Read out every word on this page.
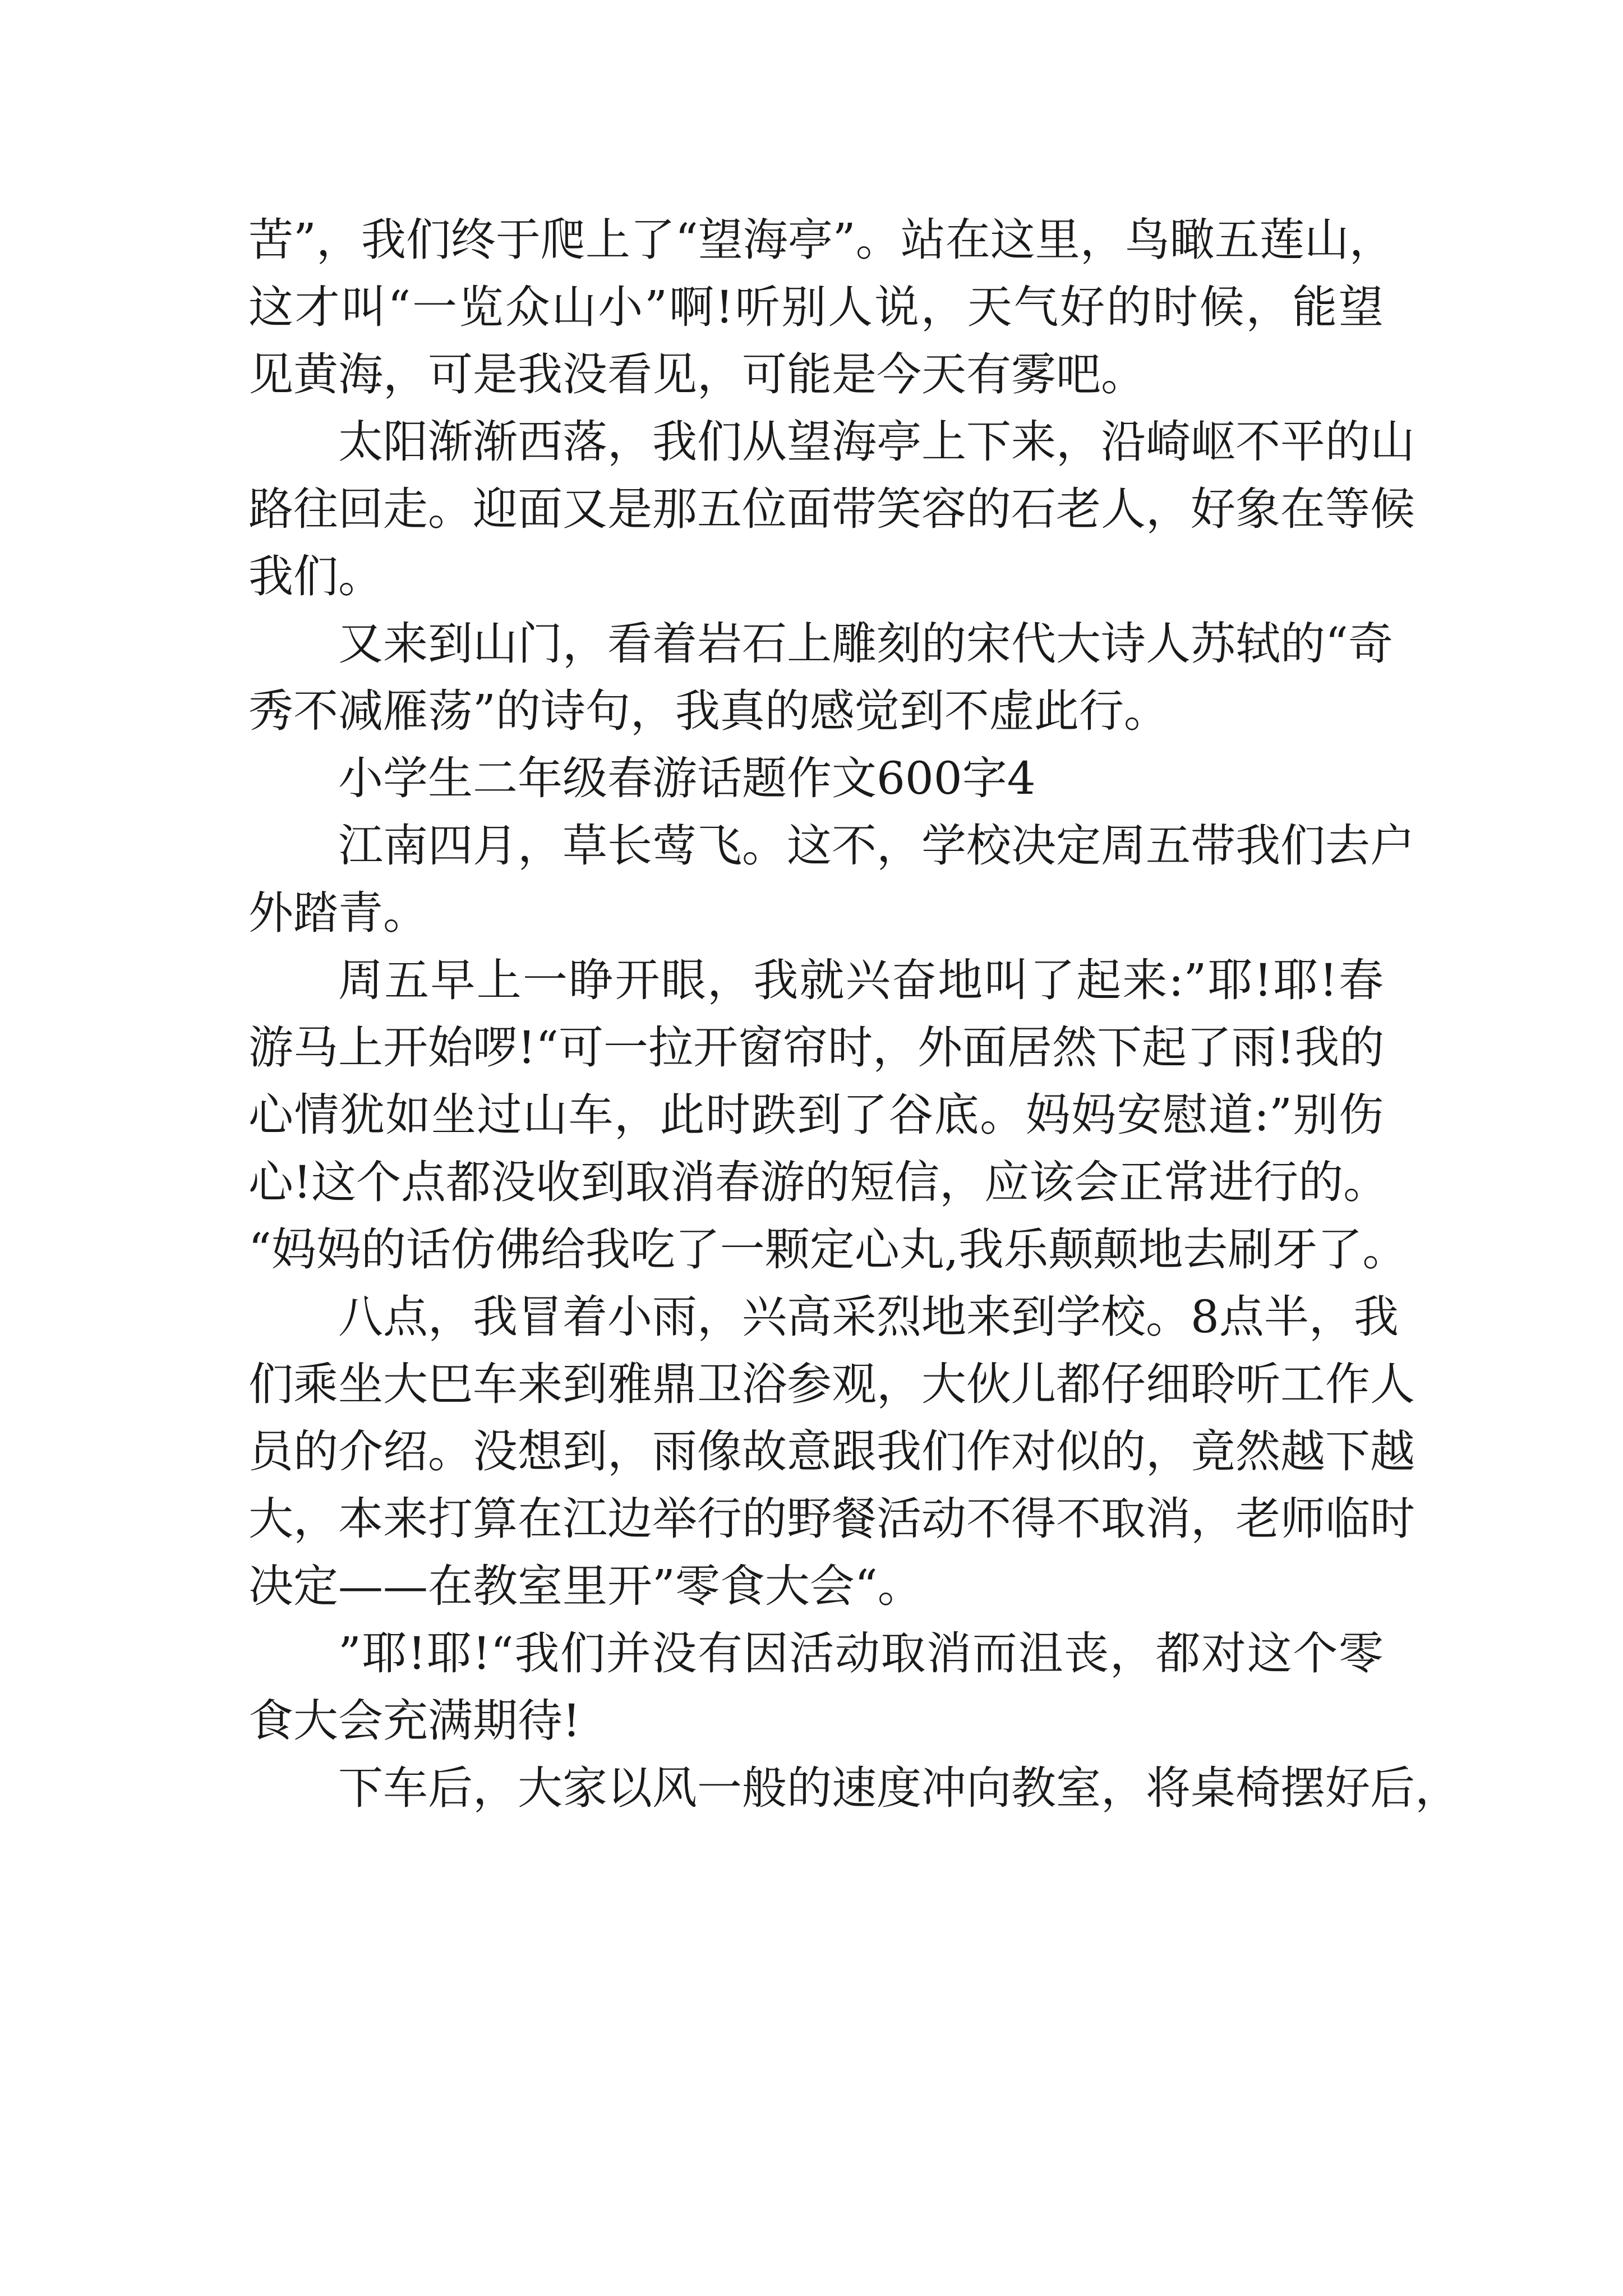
苦”，我们终于爬上了“望海亭”。站在这里，鸟瞰五莲山，
这才叫“一览众山小”啊!听别人说，天气好的时候，能望
见黄海，可是我没看见，可能是今天有雾吧。
太阳渐渐西落，我们从望海亭上下来，沿崎岖不平的山
路往回走。迎面又是那五位面带笑容的石老人，好象在等候
我们。
又来到山门，看着岩石上雕刻的宋代大诗人苏轼的“奇
秀不减雁荡”的诗句，我真的感觉到不虚此行。
小学生二年级春游话题作文600字4
江南四月，草长莺飞。这不，学校决定周五带我们去户
外踏青。
周五早上一睁开眼，我就兴奋地叫了起来:”耶!耶!春
游马上开始啰!“可一拉开窗帘时，外面居然下起了雨!我的
心情犹如坐过山车，此时跌到了谷底。妈妈安慰道:”别伤
心!这个点都没收到取消春游的短信，应该会正常进行的。
“妈妈的话仿佛给我吃了一颗定心丸,我乐颠颠地去刷牙了。
八点，我冒着小雨，兴高采烈地来到学校。8点半，我
们乘坐大巴车来到雅鼎卫浴参观，大伙儿都仔细聆听工作人
员的介绍。没想到，雨像故意跟我们作对似的，竟然越下越
大，本来打算在江边举行的野餐活动不得不取消，老师临时
决定——在教室里开”零食大会“。
”耶!耶!“我们并没有因活动取消而沮丧，都对这个零
食大会充满期待!
下车后，大家以风一般的速度冲向教室，将桌椅摆好后，
